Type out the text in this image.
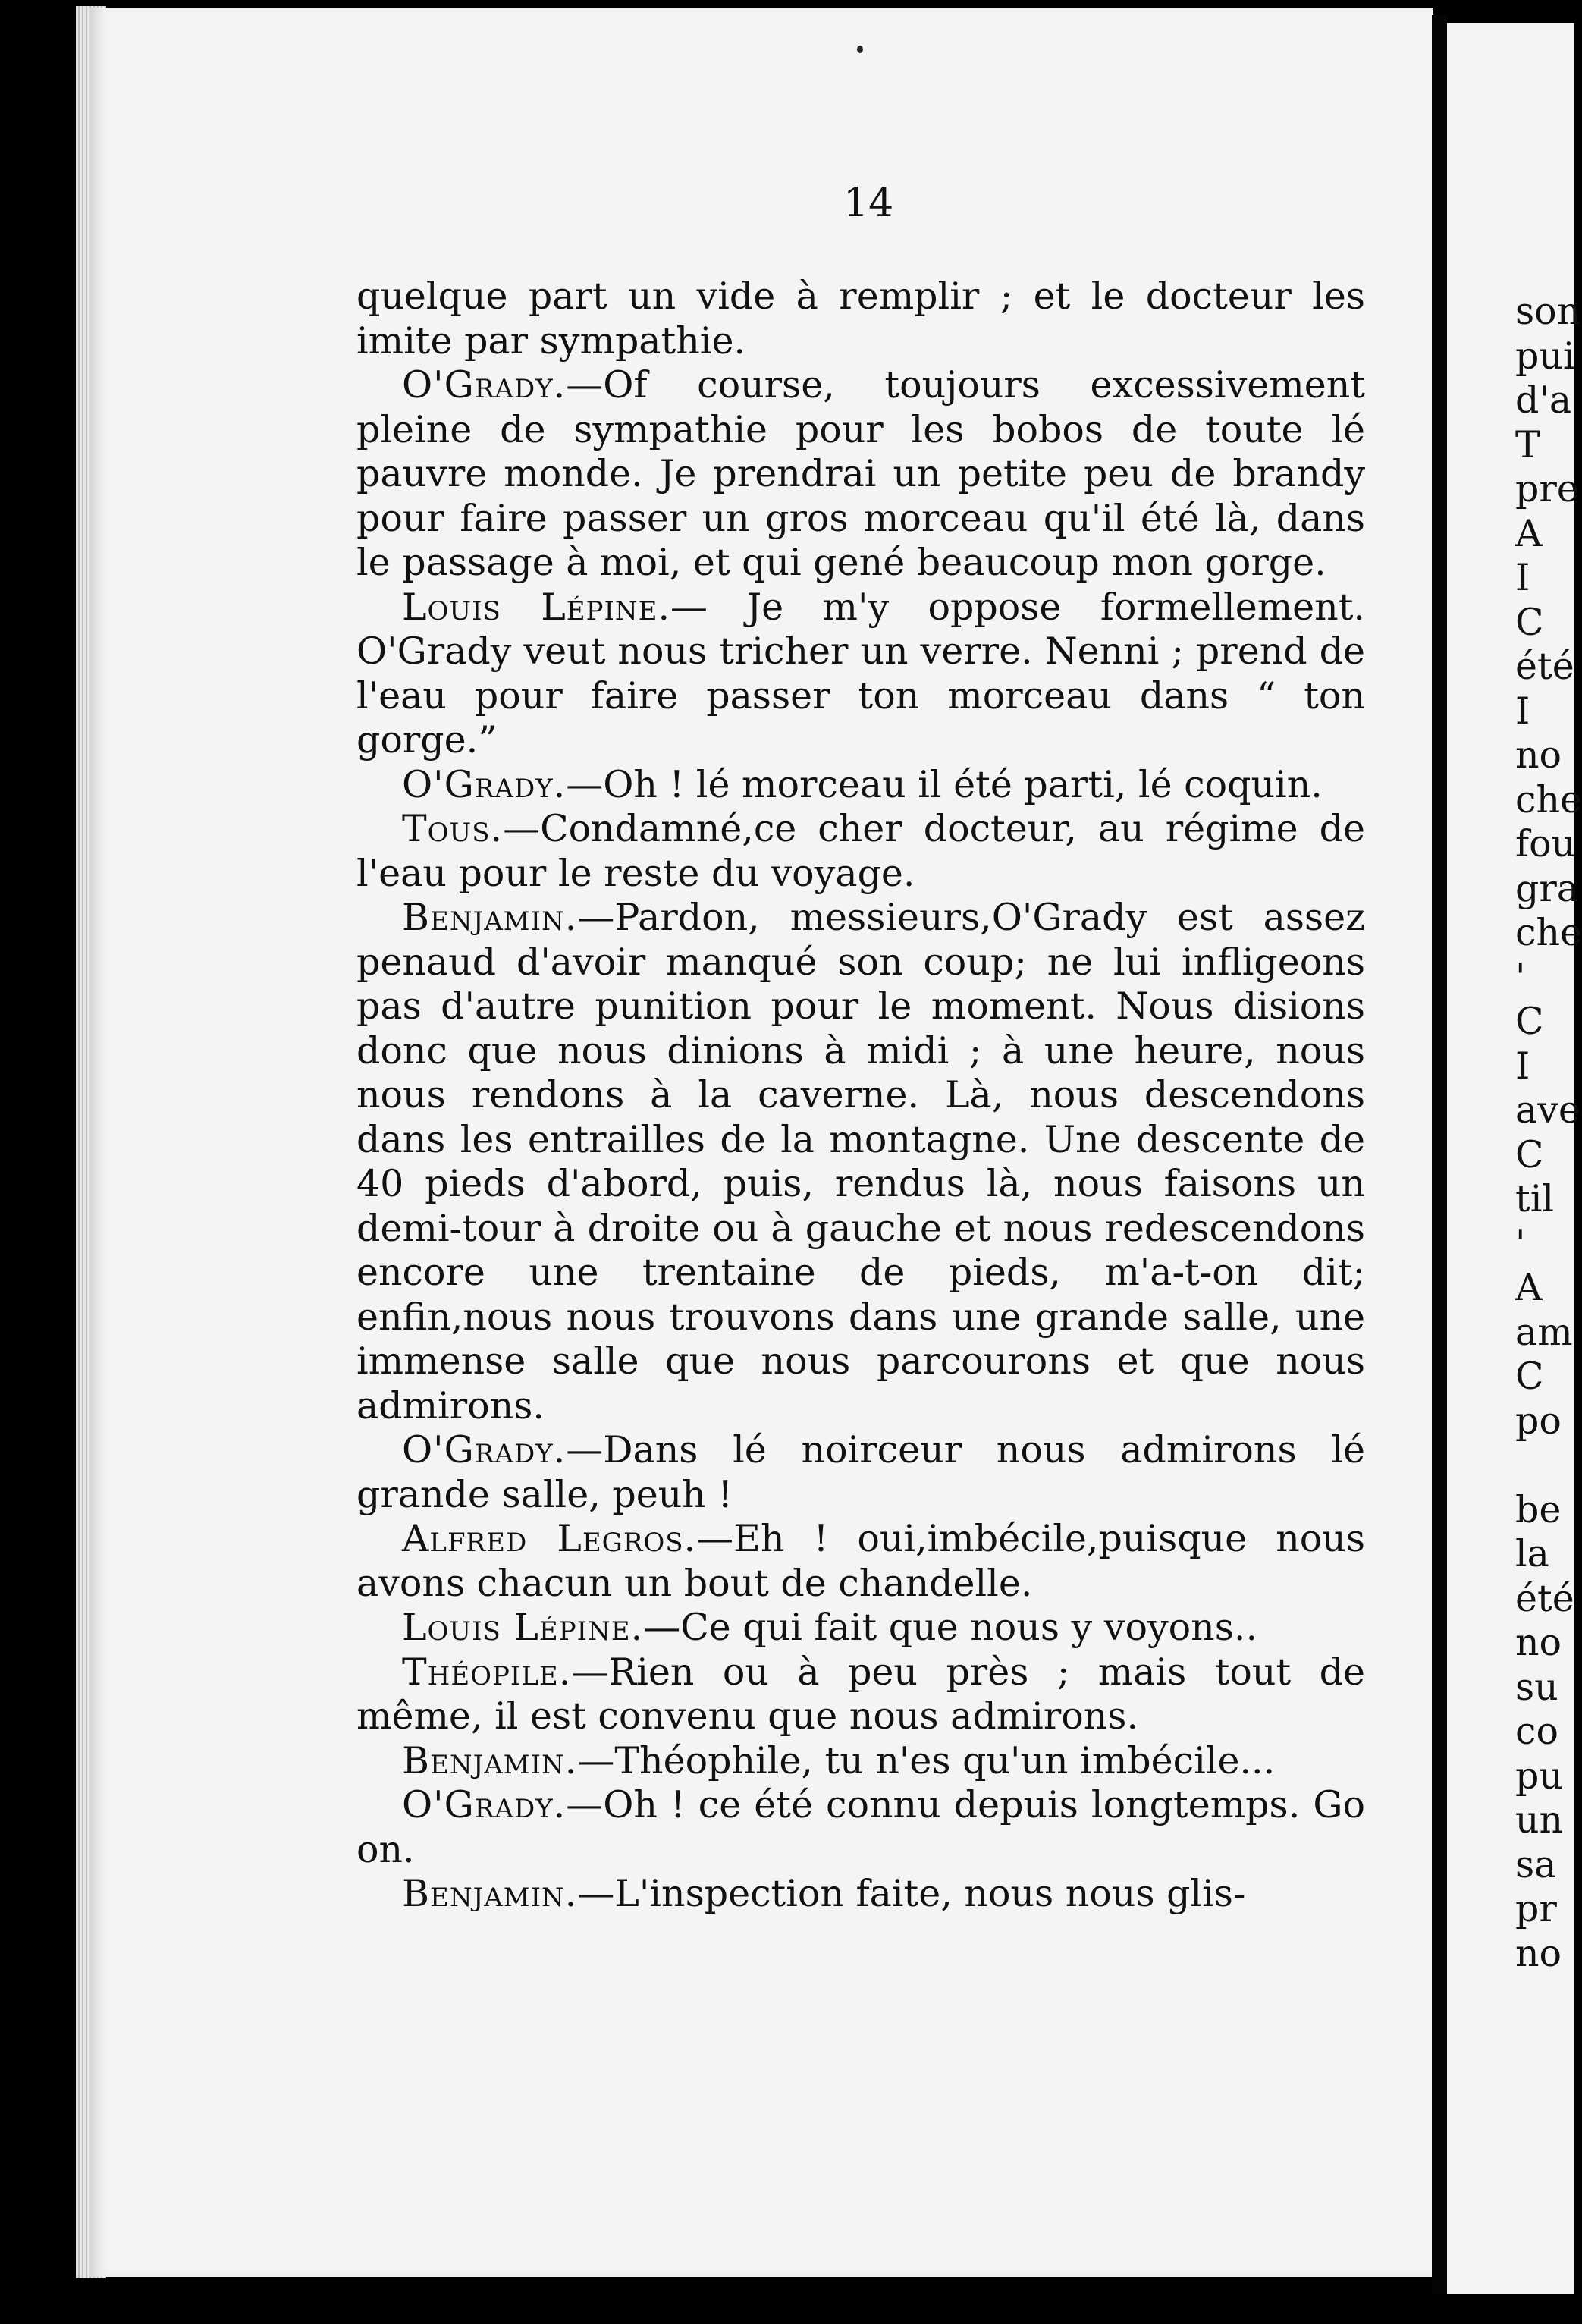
14

quelque part un vide à remplir ; et le docteur les imite par sympathie.

O'Grady.—Of course, toujours excessivement pleine de sympathie pour les bobos de toute lé pauvre monde. Je prendrai un petite peu de brandy pour faire passer un gros morceau qu'il été là, dans le passage à moi, et qui gené beaucoup mon gorge.

Louis Lépine.— Je m'y oppose formellement. O'Grady veut nous tricher un verre. Nenni ; prend de l'eau pour faire passer ton morceau dans “ ton gorge.”

O'Grady.—Oh ! lé morceau il été parti, lé coquin.

Tous.—Condamné,ce cher docteur, au régime de l'eau pour le reste du voyage.

Benjamin.—Pardon, messieurs,O'Grady est assez penaud d'avoir manqué son coup; ne lui infligeons pas d'autre punition pour le moment. Nous disions donc que nous dinions à midi ; à une heure, nous nous rendons à la caverne. Là, nous descendons dans les entrailles de la montagne. Une descente de 40 pieds d'abord, puis, rendus là, nous faisons un demi-tour à droite ou à gauche et nous redescendons encore une trentaine de pieds, m'a-t-on dit; enfin,nous nous trouvons dans une grande salle, une immense salle que nous parcourons et que nous admirons.

O'Grady.—Dans lé noirceur nous admirons lé grande salle, peuh !

Alfred Legros.—Eh ! oui,imbécile,puisque nous avons chacun un bout de chandelle.

Louis Lépine.—Ce qui fait que nous y voyons..

Théopile.—Rien ou à peu près ; mais tout de même, il est convenu que nous admirons.

Benjamin.—Théophile, tu n'es qu'un imbécile...

O'Grady.—Oh ! ce été connu depuis longtemps. Go on.

Benjamin.—L'inspection faite, nous nous glis-

son
pui
d'a
T
pre
A
I
C
été
I
no
che
fou
gra
che
'
C
I
ave
C
til
'
A
am
C
po
be
la
été
no
su
co
pu
un
sa
pr
no
